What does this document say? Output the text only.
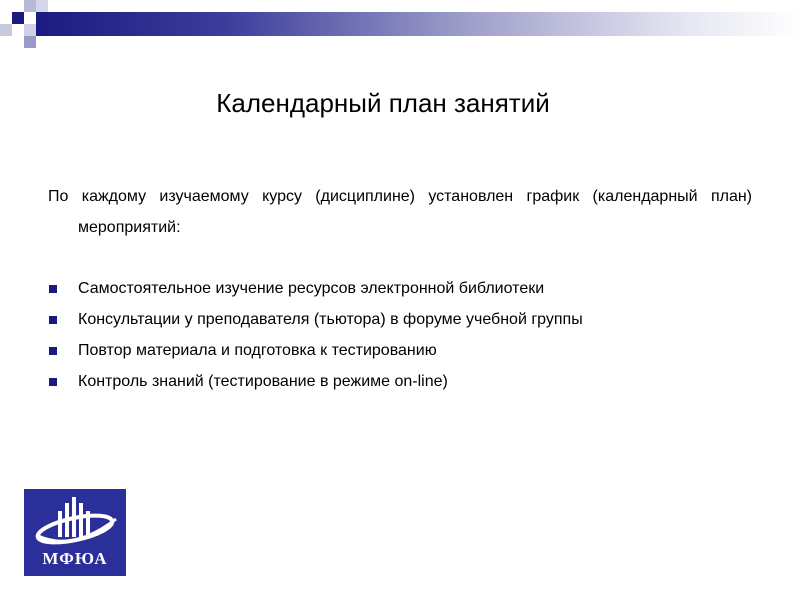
Календарный план занятий

По каждому изучаемому курсу (дисциплине) установлен график (календарный план)
мероприятий:

Самостоятельное изучение ресурсов электронной библиотеки
Консультации у преподавателя (тьютора) в форуме учебной группы
Повтор материала и подготовка к тестированию
Контроль знаний (тестирование в режиме on-line)
МФЮА
